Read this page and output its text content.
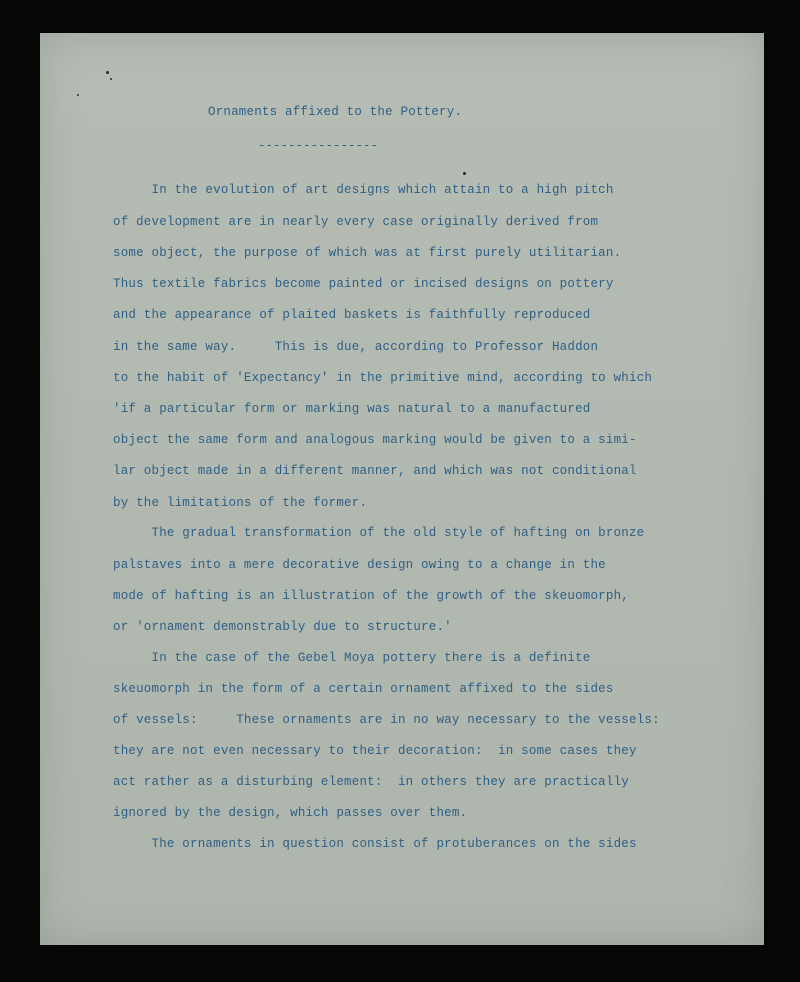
Ornaments affixed to the Pottery.
----------------
In the evolution of art designs which attain to a high pitch
of development are in nearly every case originally derived from
some object, the purpose of which was at first purely utilitarian.
Thus textile fabrics become painted or incised designs on pottery
and the appearance of plaited baskets is faithfully reproduced
in the same way.     This is due, according to Professor Haddon
to the habit of 'Expectancy' in the primitive mind, according to which
'if a particular form or marking was natural to a manufactured
object the same form and analogous marking would be given to a simi-
lar object made in a different manner, and which was not conditional
by the limitations of the former.
The gradual transformation of the old style of hafting on bronze
palstaves into a mere decorative design owing to a change in the
mode of hafting is an illustration of the growth of the skeuomorph,
or 'ornament demonstrably due to structure.'
In the case of the Gebel Moya pottery there is a definite
skeuomorph in the form of a certain ornament affixed to the sides
of vessels:     These ornaments are in no way necessary to the vessels:
they are not even necessary to their decoration:  in some cases they
act rather as a disturbing element:  in others they are practically
ignored by the design, which passes over them.
The ornaments in question consist of protuberances on the sides
